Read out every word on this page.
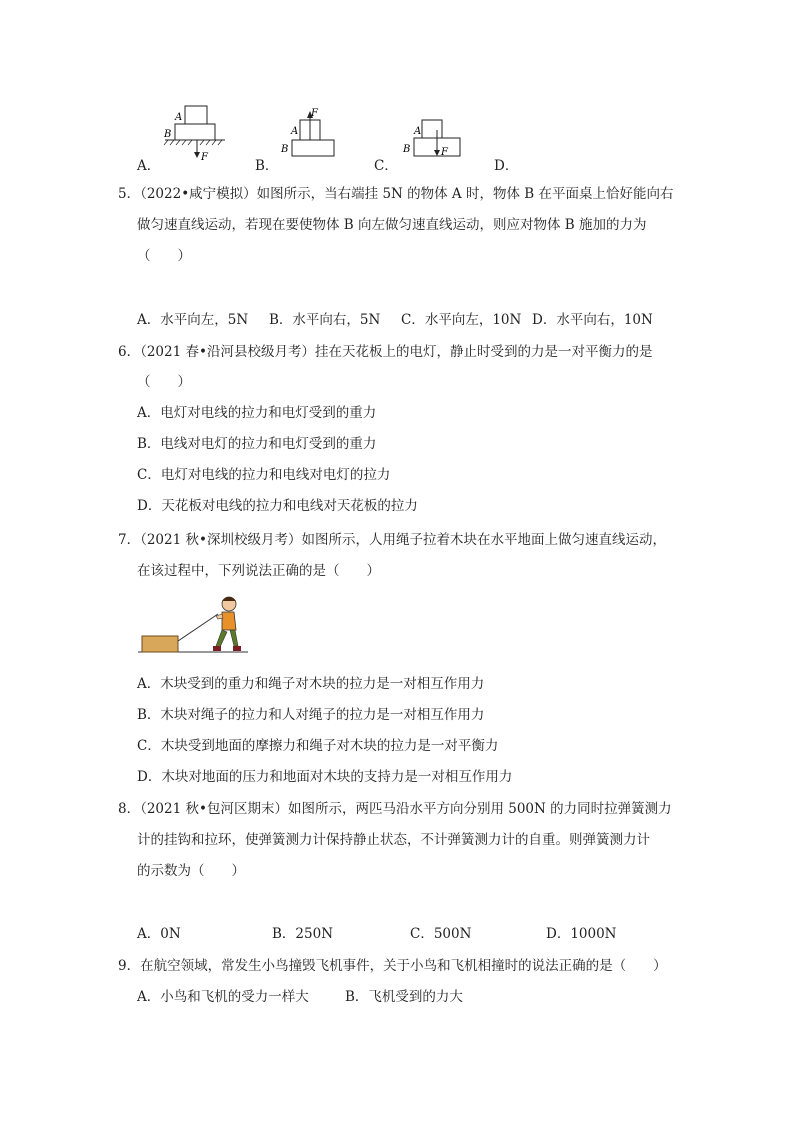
A．	B．	C．	D．
A
B
F
F
A
B
A
B	F
5．（2022•咸宁模拟）如图所示，当右端挂 5N 的物体 A 时，物体 B 在平面桌上恰好能向右
做匀速直线运动，若现在要使物体 B 向左做匀速直线运动，则应对物体 B 施加的力为
（　　）
A．水平向左，5N B．水平向右，5N C．水平向左，10N D．水平向右，10N
6．（2021 春•沿河县校级月考）挂在天花板上的电灯，静止时受到的力是一对平衡力的是
（　　）
A．电灯对电线的拉力和电灯受到的重力
B．电线对电灯的拉力和电灯受到的重力
C．电灯对电线的拉力和电线对电灯的拉力
D．天花板对电线的拉力和电线对天花板的拉力
7．（2021 秋•深圳校级月考）如图所示，人用绳子拉着木块在水平地面上做匀速直线运动，
在该过程中，下列说法正确的是（　　）
A．木块受到的重力和绳子对木块的拉力是一对相互作用力
B．木块对绳子的拉力和人对绳子的拉力是一对相互作用力
C．木块受到地面的摩擦力和绳子对木块的拉力是一对平衡力
D．木块对地面的压力和地面对木块的支持力是一对相互作用力
8．（2021 秋•包河区期末）如图所示，两匹马沿水平方向分别用 500N 的力同时拉弹簧测力
计的挂钩和拉环，使弹簧测力计保持静止状态，不计弹簧测力计的自重。则弹簧测力计
的示数为（　　）
A．0N	B．250N	C．500N	D．1000N
9．在航空领域，常发生小鸟撞毁飞机事件，关于小鸟和飞机相撞时的说法正确的是（　　）
A．小鸟和飞机的受力一样大	B．飞机受到的力大
